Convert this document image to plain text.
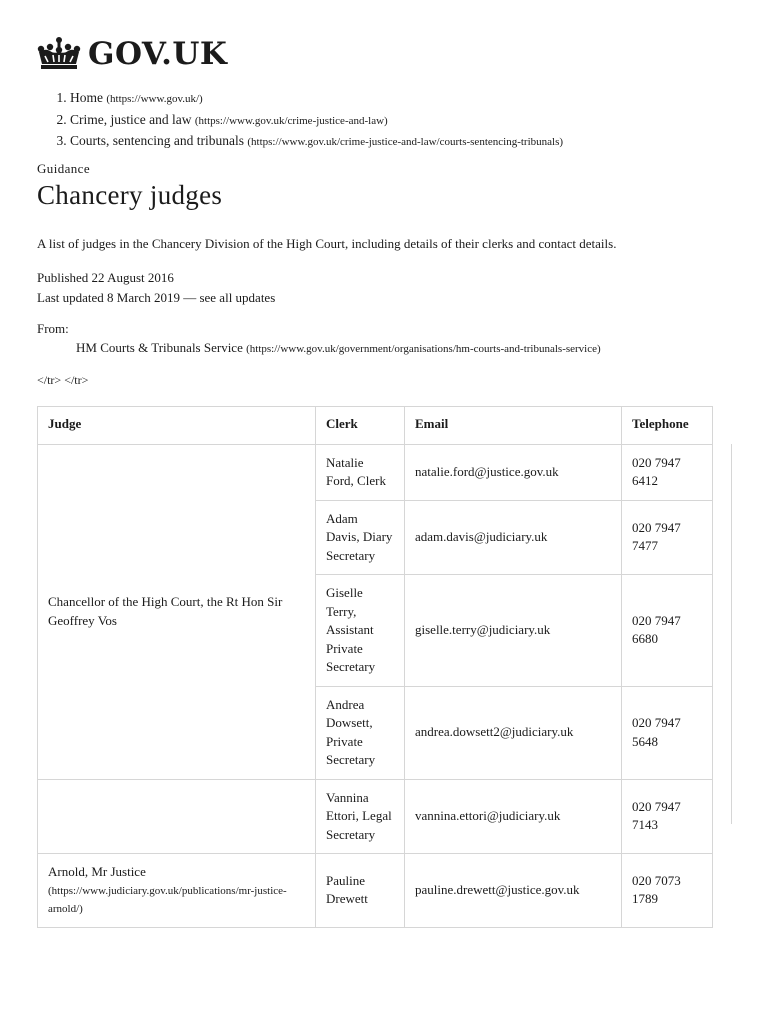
GOV.UK
1. Home (https://www.gov.uk/)
2. Crime, justice and law (https://www.gov.uk/crime-justice-and-law)
3. Courts, sentencing and tribunals (https://www.gov.uk/crime-justice-and-law/courts-sentencing-tribunals)
Guidance
Chancery judges
A list of judges in the Chancery Division of the High Court, including details of their clerks and contact details.
Published 22 August 2016
Last updated 8 March 2019 — see all updates
From:
HM Courts & Tribunals Service (https://www.gov.uk/government/organisations/hm-courts-and-tribunals-service)
</tr> </tr>
Judge	Clerk	Email	Telephone
Chancellor of the High Court, the Rt Hon Sir Geoffrey Vos	Natalie Ford, Clerk	natalie.ford@justice.gov.uk	020 7947 6412
	Adam Davis, Diary Secretary	adam.davis@judiciary.uk	020 7947 7477
	Giselle Terry, Assistant Private Secretary	giselle.terry@judiciary.uk	020 7947 6680
	Andrea Dowsett, Private Secretary	andrea.dowsett2@judiciary.uk	020 7947 5648
	Vannina Ettori, Legal Secretary	vannina.ettori@judiciary.uk	020 7947 7143

Arnold, Mr Justice
(https://www.judiciary.gov.uk/publications/mr-justice-arnold/)	Pauline Drewett	pauline.drewett@justice.gov.uk	020 7073 1789
